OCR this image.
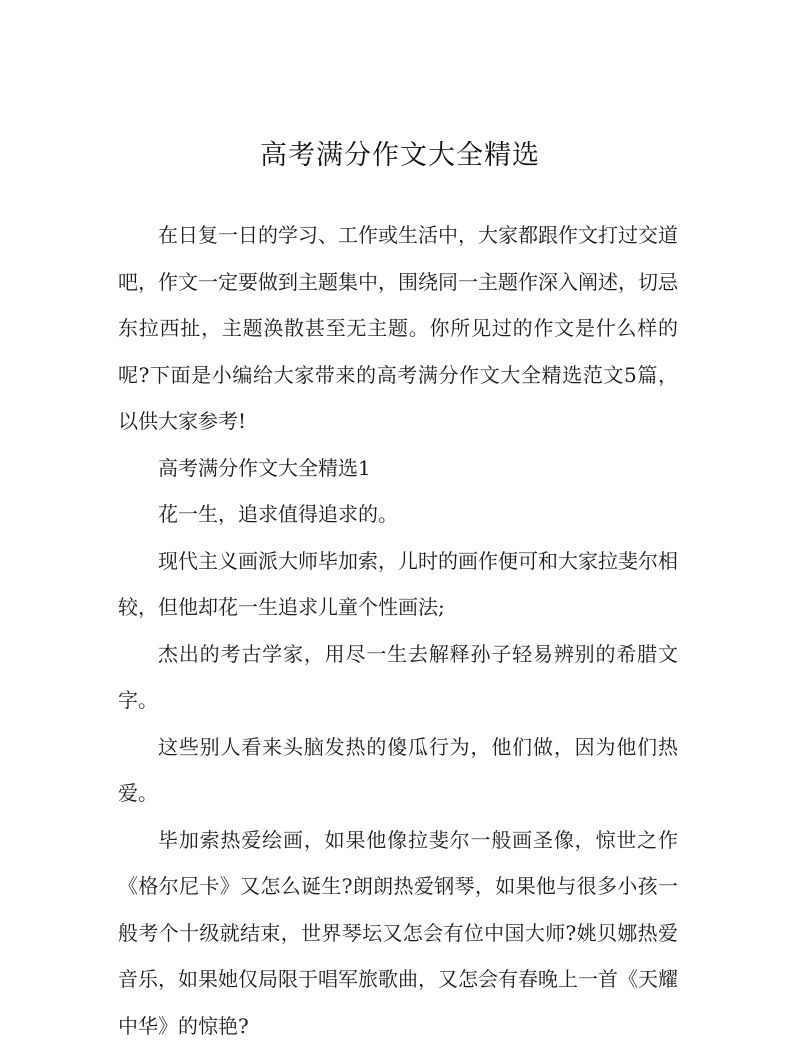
高考满分作文大全精选

在日复一日的学习、工作或生活中，大家都跟作文打过交道吧，作文一定要做到主题集中，围绕同一主题作深入阐述，切忌东拉西扯，主题涣散甚至无主题。你所见过的作文是什么样的呢?下面是小编给大家带来的高考满分作文大全精选范文5篇，以供大家参考!

高考满分作文大全精选1

花一生，追求值得追求的。

现代主义画派大师毕加索，儿时的画作便可和大家拉斐尔相较，但他却花一生追求儿童个性画法;

杰出的考古学家，用尽一生去解释孙子轻易辨别的希腊文字。

这些别人看来头脑发热的傻瓜行为，他们做，因为他们热爱。

毕加索热爱绘画，如果他像拉斐尔一般画圣像，惊世之作《格尔尼卡》又怎么诞生?朗朗热爱钢琴，如果他与很多小孩一般考个十级就结束，世界琴坛又怎会有位中国大师?姚贝娜热爱音乐，如果她仅局限于唱军旅歌曲，又怎会有春晚上一首《天耀中华》的惊艳?
